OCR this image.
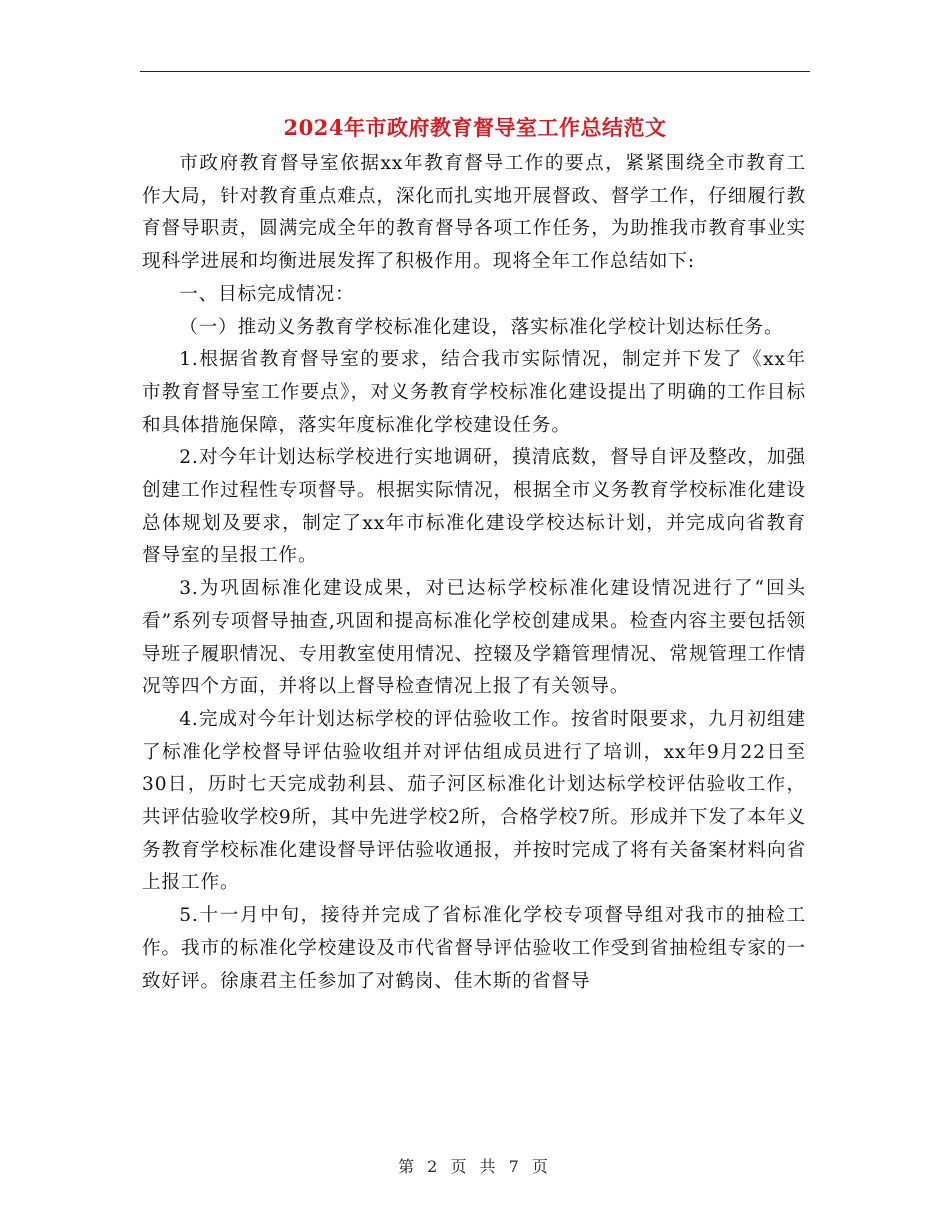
2024年市政府教育督导室工作总结范文

市政府教育督导室依据xx年教育督导工作的要点，紧紧围绕全市教育工作大局，针对教育重点难点，深化而扎实地开展督政、督学工作，仔细履行教育督导职责，圆满完成全年的教育督导各项工作任务，为助推我市教育事业实现科学进展和均衡进展发挥了积极作用。现将全年工作总结如下:

一、目标完成情况：

（一）推动义务教育学校标准化建设，落实标准化学校计划达标任务。

1.根据省教育督导室的要求，结合我市实际情况，制定并下发了《xx年市教育督导室工作要点》，对义务教育学校标准化建设提出了明确的工作目标和具体措施保障，落实年度标准化学校建设任务。

2.对今年计划达标学校进行实地调研，摸清底数，督导自评及整改，加强创建工作过程性专项督导。根据实际情况，根据全市义务教育学校标准化建设总体规划及要求，制定了xx年市标准化建设学校达标计划，并完成向省教育督导室的呈报工作。

3.为巩固标准化建设成果，对已达标学校标准化建设情况进行了“回头看”系列专项督导抽查,巩固和提高标准化学校创建成果。检查内容主要包括领导班子履职情况、专用教室使用情况、控辍及学籍管理情况、常规管理工作情况等四个方面，并将以上督导检查情况上报了有关领导。

4.完成对今年计划达标学校的评估验收工作。按省时限要求，九月初组建了标准化学校督导评估验收组并对评估组成员进行了培训，xx年9月22日至30日，历时七天完成勃利县、茄子河区标准化计划达标学校评估验收工作，共评估验收学校9所，其中先进学校2所，合格学校7所。形成并下发了本年义务教育学校标准化建设督导评估验收通报，并按时完成了将有关备案材料向省上报工作。

5.十一月中旬，接待并完成了省标准化学校专项督导组对我市的抽检工作。我市的标准化学校建设及市代省督导评估验收工作受到省抽检组专家的一致好评。徐康君主任参加了对鹤岗、佳木斯的省督导

第 2 页 共 7 页
